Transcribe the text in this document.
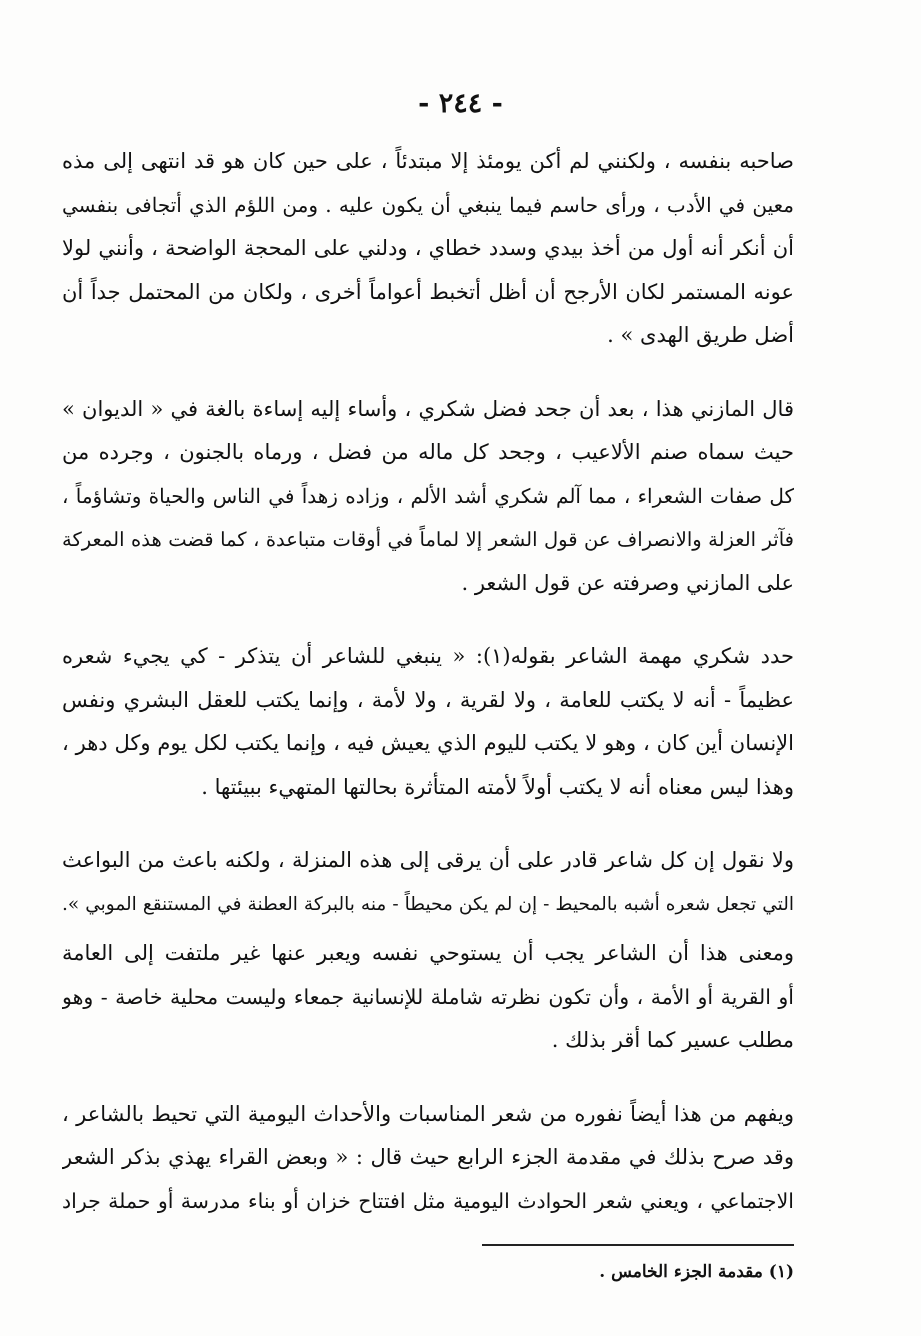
- ٢٤٤ -
صاحبه بنفسه ، ولكنني لم أكن يومئذ إلا مبتدئاً ، على حين كان هو قد انتهى إلى مذه
معين في الأدب ، ورأى حاسم فيما ينبغي أن يكون عليه . ومن اللؤم الذي أتجافى بنفسي
أن أنكر أنه أول من أخذ بيدي وسدد خطاي ، ودلني على المحجة الواضحة ، وأنني لولا
عونه المستمر لكان الأرجح أن أظل أتخبط أعواماً أخرى ، ولكان من المحتمل جداً أن
أضل طريق الهدى » .
قال المازني هذا ، بعد أن جحد فضل شكري ، وأساء إليه إساءة بالغة في « الديوان »
حيث سماه صنم الألاعيب ، وجحد كل ماله من فضل ، ورماه بالجنون ، وجرده من
كل صفات الشعراء ، مما آلم شكري أشد الألم ، وزاده زهداً في الناس والحياة وتشاؤماً ،
فآثر العزلة والانصراف عن قول الشعر إلا لماماً في أوقات متباعدة ، كما قضت هذه المعركة
على المازني وصرفته عن قول الشعر .
حدد شكري مهمة الشاعر بقوله(١): « ينبغي للشاعر أن يتذكر - كي يجيء شعره
عظيماً - أنه لا يكتب للعامة ، ولا لقرية ، ولا لأمة ، وإنما يكتب للعقل البشري ونفس
الإنسان أين كان ، وهو لا يكتب لليوم الذي يعيش فيه ، وإنما يكتب لكل يوم وكل دهر ،
وهذا ليس معناه أنه لا يكتب أولاً لأمته المتأثرة بحالتها المتهيء ببيئتها .
ولا نقول إن كل شاعر قادر على أن يرقى إلى هذه المنزلة ، ولكنه باعث من البواعث
التي تجعل شعره أشبه بالمحيط - إن لم يكن محيطاً - منه بالبركة العطنة في المستنقع الموبي ».
ومعنى هذا أن الشاعر يجب أن يستوحي نفسه ويعبر عنها غير ملتفت إلى العامة
أو القرية أو الأمة ، وأن تكون نظرته شاملة للإنسانية جمعاء وليست محلية خاصة - وهو
مطلب عسير كما أقر بذلك .
ويفهم من هذا أيضاً نفوره من شعر المناسبات والأحداث اليومية التي تحيط بالشاعر ،
وقد صرح بذلك في مقدمة الجزء الرابع حيث قال : « وبعض القراء يهذي بذكر الشعر
الاجتماعي ، ويعني شعر الحوادث اليومية مثل افتتاح خزان أو بناء مدرسة أو حملة جراد
(١) مقدمة الجزء الخامس .
